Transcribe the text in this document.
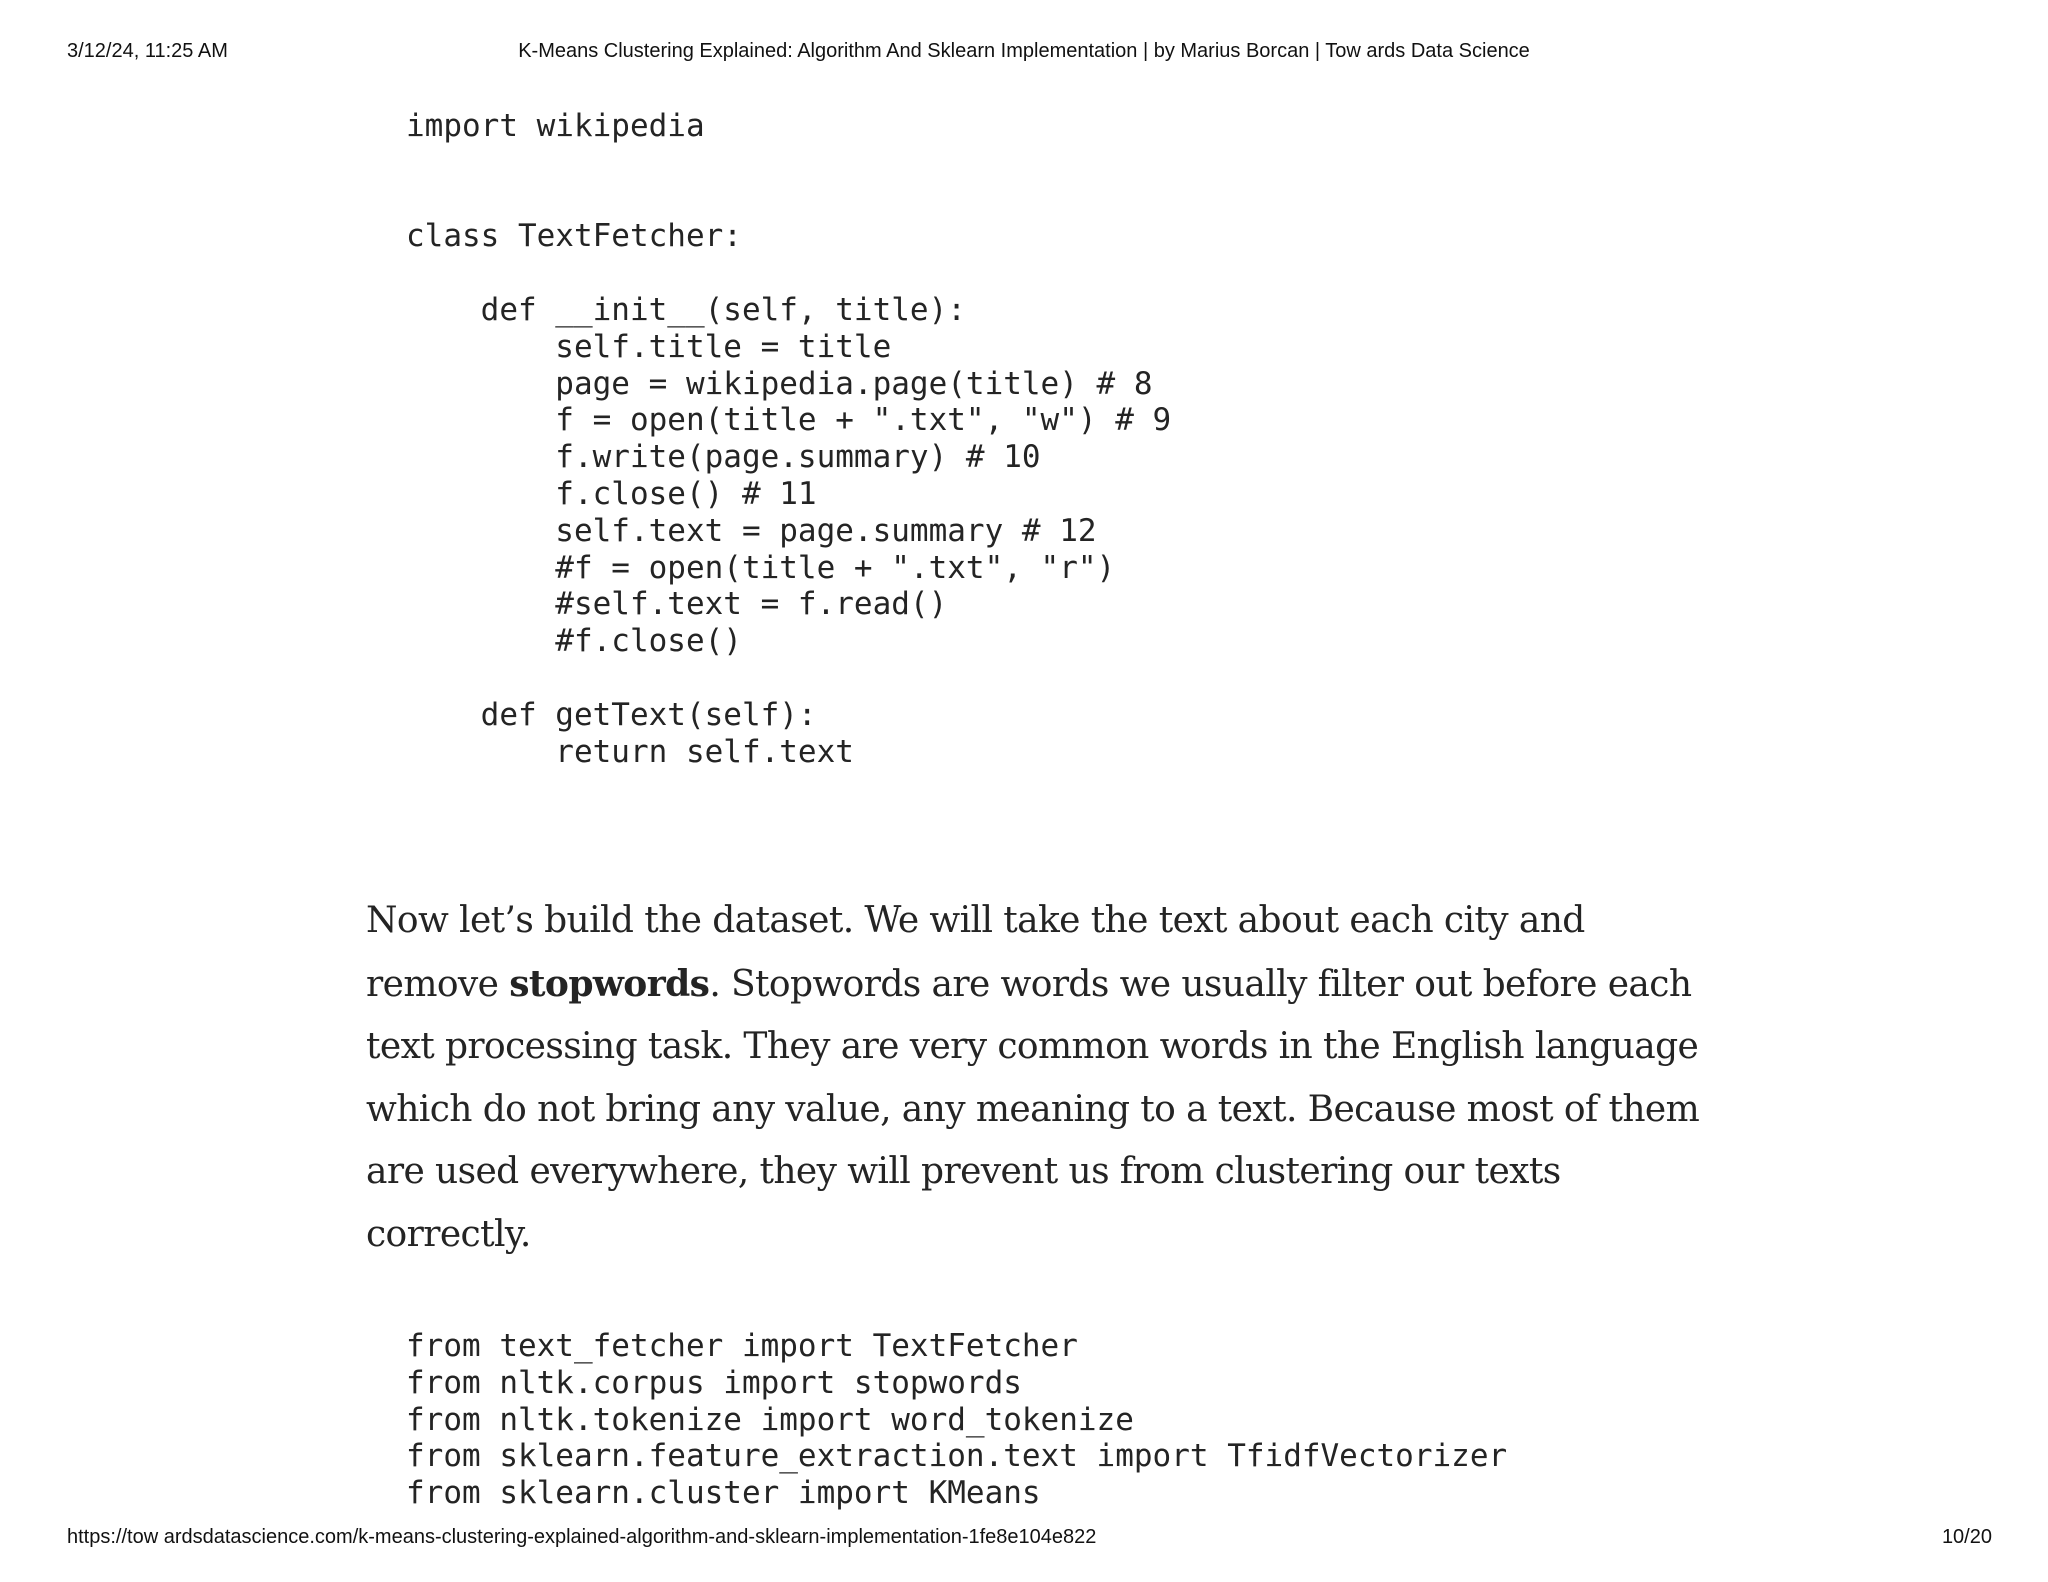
3/12/24, 11:25 AM	K-Means Clustering Explained: Algorithm And Sklearn Implementation | by Marius Borcan | Tow ards Data Science
import wikipedia
class TextFetcher:
def __init__(self, title):
self.title = title
page = wikipedia.page(title) # 8
f = open(title + ".txt", "w") # 9
f.write(page.summary) # 10
f.close() # 11
self.text = page.summary # 12
#f = open(title + ".txt", "r")
#self.text = f.read()
#f.close()
def getText(self):
return self.text

Now let’s build the dataset. We will take the text about each city and remove stopwords. Stopwords are words we usually filter out before each text processing task. They are very common words in the English language which do not bring any value, any meaning to a text. Because most of them are used everywhere, they will prevent us from clustering our texts correctly.

from text_fetcher import TextFetcher
from nltk.corpus import stopwords
from nltk.tokenize import word_tokenize
from sklearn.feature_extraction.text import TfidfVectorizer
from sklearn.cluster import KMeans
https://tow ardsdatascience.com/k-means-clustering-explained-algorithm-and-sklearn-implementation-1fe8e104e822	10/20
